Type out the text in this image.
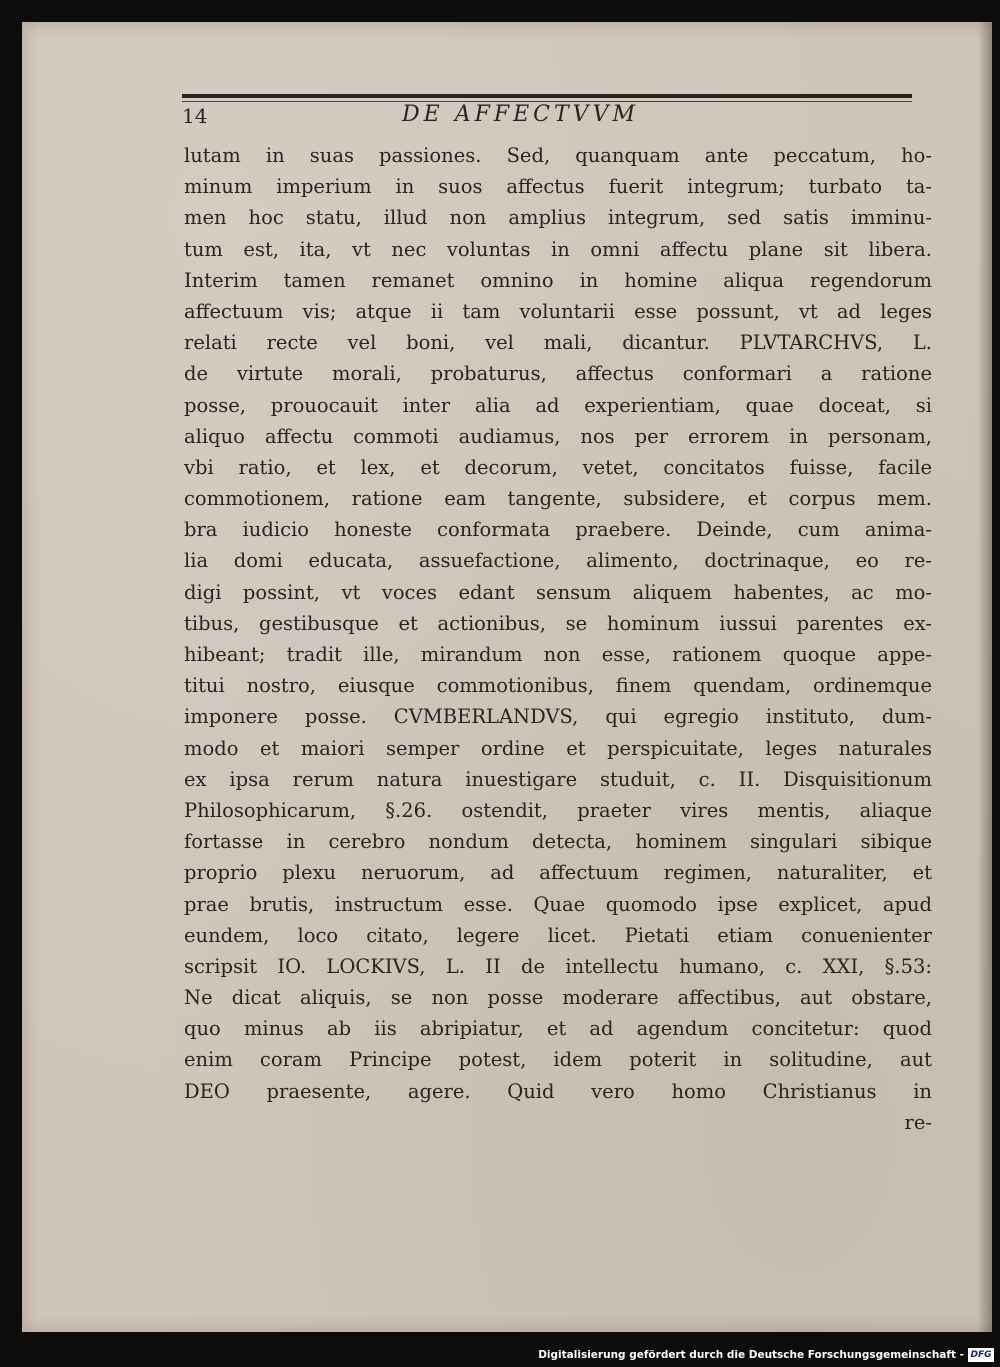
14	DE AFFECTVVM
lutam in suas passiones. Sed, quanquam ante peccatum, ho-
minum imperium in suos affectus fuerit integrum; turbato ta-
men hoc statu, illud non amplius integrum, sed satis imminu-
tum est, ita, vt nec voluntas in omni affectu plane sit libera.
Interim tamen remanet omnino in homine aliqua regendorum
affectuum vis; atque ii tam voluntarii esse possunt, vt ad leges
relati recte vel boni, vel mali, dicantur. PLVTARCHVS, L.
de virtute morali, probaturus, affectus conformari a ratione
posse, prouocauit inter alia ad experientiam, quae doceat, si
aliquo affectu commoti audiamus, nos per errorem in personam,
vbi ratio, et lex, et decorum, vetet, concitatos fuisse, facile
commotionem, ratione eam tangente, subsidere, et corpus mem.
bra iudicio honeste conformata praebere. Deinde, cum anima-
lia domi educata, assuefactione, alimento, doctrinaque, eo re-
digi possint, vt voces edant sensum aliquem habentes, ac mo-
tibus, gestibusque et actionibus, se hominum iussui parentes ex-
hibeant; tradit ille, mirandum non esse, rationem quoque appe-
titui nostro, eiusque commotionibus, finem quendam, ordinemque
imponere posse. CVMBERLANDVS, qui egregio instituto, dum-
modo et maiori semper ordine et perspicuitate, leges naturales
ex ipsa rerum natura inuestigare studuit, c. II. Disquisitionum
Philosophicarum, §.26. ostendit, praeter vires mentis, aliaque
fortasse in cerebro nondum detecta, hominem singulari sibique
proprio plexu neruorum, ad affectuum regimen, naturaliter, et
prae brutis, instructum esse. Quae quomodo ipse explicet, apud
eundem, loco citato, legere licet. Pietati etiam conuenienter
scripsit IO. LOCKIVS, L. II de intellectu humano, c. XXI, §.53:
Ne dicat aliquis, se non posse moderare affectibus, aut obstare,
quo minus ab iis abripiatur, et ad agendum concitetur: quod
enim coram Principe potest, idem poterit in solitudine, aut
DEO praesente, agere. Quid vero homo Christianus in
re-
Digitalisierung gefördert durch die Deutsche Forschungsgemeinschaft - DFG
